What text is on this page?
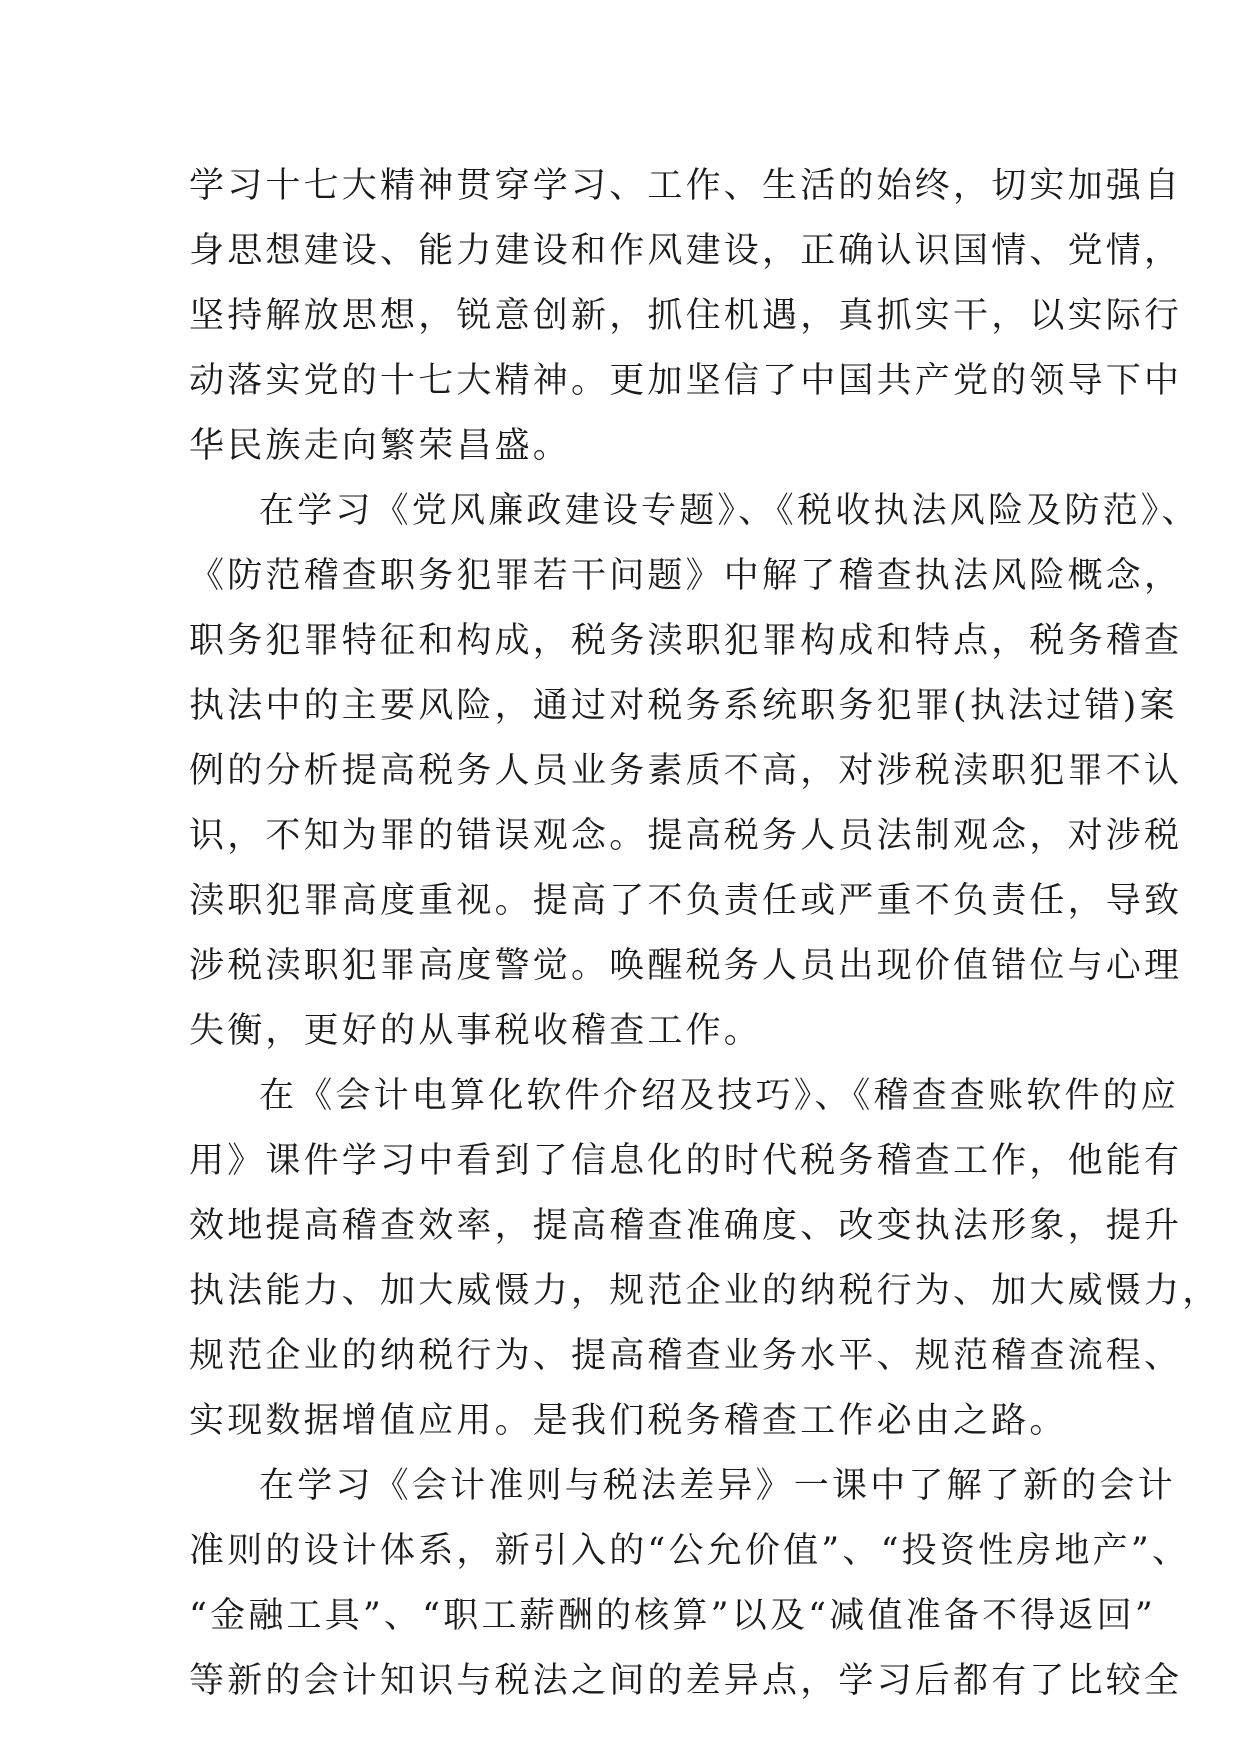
学习十七大精神贯穿学习、工作、生活的始终，切实加强自
身思想建设、能力建设和作风建设，正确认识国情、党情，
坚持解放思想，锐意创新，抓住机遇，真抓实干，以实际行
动落实党的十七大精神。更加坚信了中国共产党的领导下中
华民族走向繁荣昌盛。
在学习《党风廉政建设专题》、《税收执法风险及防范》、
《防范稽查职务犯罪若干问题》中解了稽查执法风险概念，
职务犯罪特征和构成，税务渎职犯罪构成和特点，税务稽查
执法中的主要风险，通过对税务系统职务犯罪(执法过错)案
例的分析提高税务人员业务素质不高，对涉税渎职犯罪不认
识，不知为罪的错误观念。提高税务人员法制观念，对涉税
渎职犯罪高度重视。提高了不负责任或严重不负责任，导致
涉税渎职犯罪高度警觉。唤醒税务人员出现价值错位与心理
失衡，更好的从事税收稽查工作。
在《会计电算化软件介绍及技巧》、《稽查查账软件的应
用》课件学习中看到了信息化的时代税务稽查工作，他能有
效地提高稽查效率，提高稽查准确度、改变执法形象，提升
执法能力、加大威慑力，规范企业的纳税行为、加大威慑力，
规范企业的纳税行为、提高稽查业务水平、规范稽查流程、
实现数据增值应用。是我们税务稽查工作必由之路。
在学习《会计准则与税法差异》一课中了解了新的会计
准则的设计体系，新引入的“公允价值”、“投资性房地产”、
“金融工具”、“职工薪酬的核算”以及“减值准备不得返回”
等新的会计知识与税法之间的差异点，学习后都有了比较全
